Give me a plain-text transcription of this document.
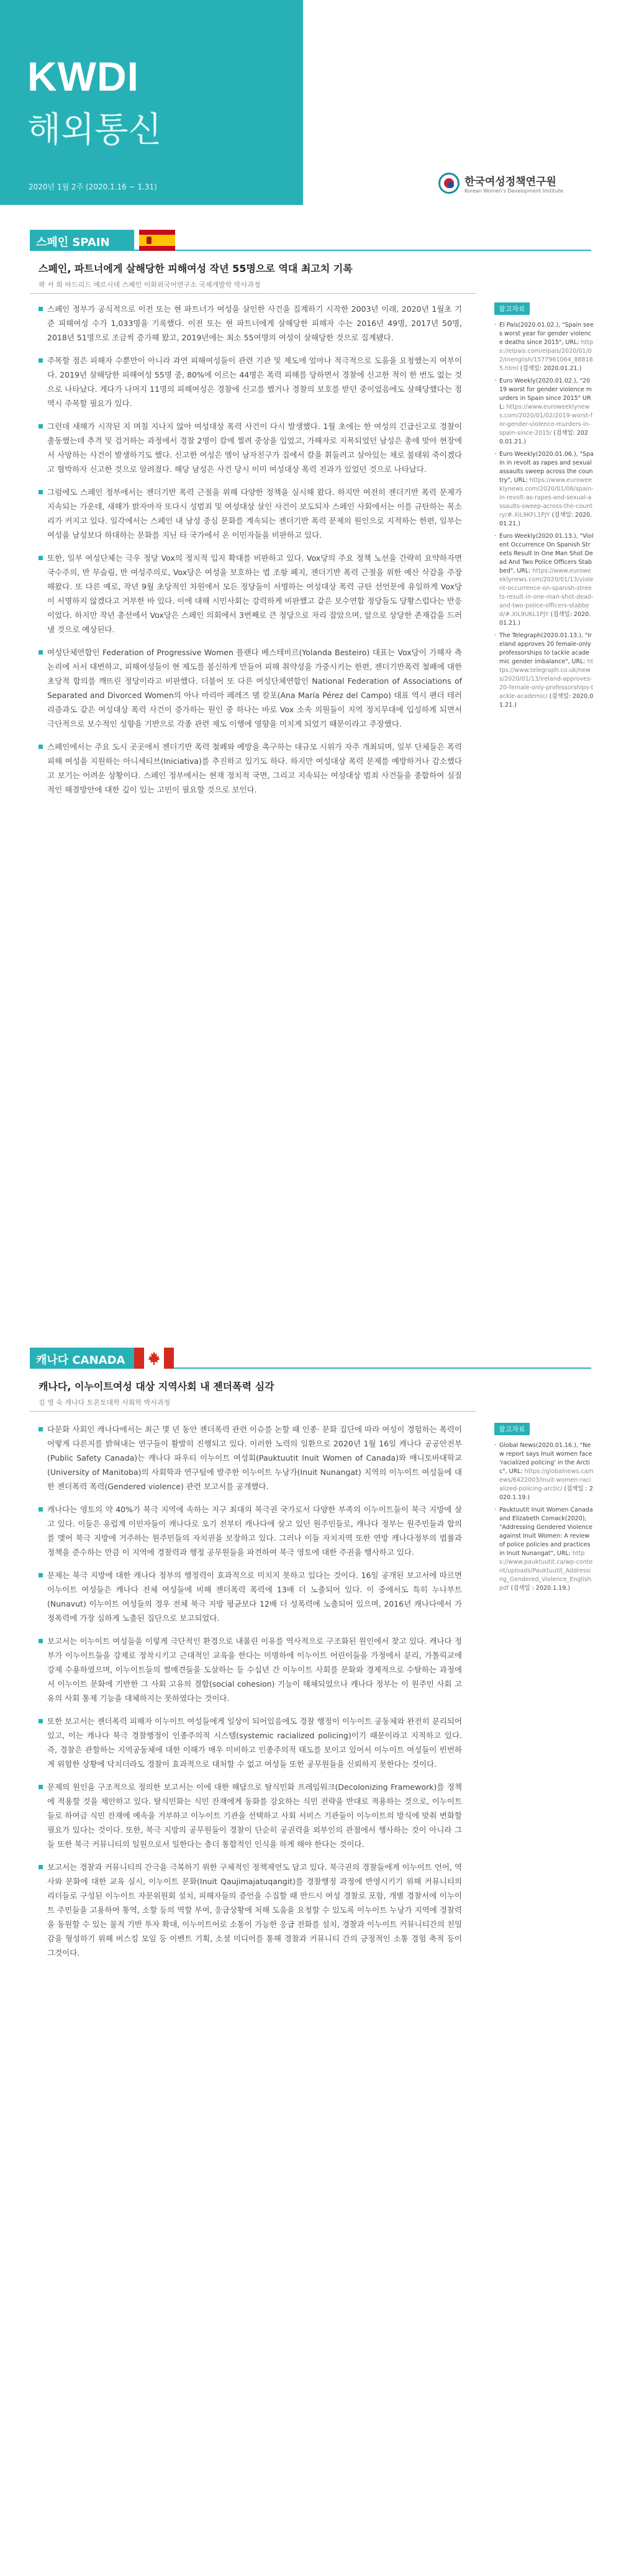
KWDI
해외통신
2020년 1월 2주 (2020.1.16 ~ 1.31)	한국여성정책연구원
Korean Women's Development Institute
스페인 SPAIN
스페인, 파트너에게 살해당한 피해여성 작년 55명으로 역대 최고치 기록
곽 서 희 마드리드 메르시데 스페인 이화외국어연구소 국제개발학 박사과정

스페인 정부가 공식적으로 이전 또는 현 파트너가 여성을 살인한 사건을 집계하기 시작한 2003년 이래, 2020년 1월초 기준 피해여성 수가 1,033명을 기록했다. 이전 또는 현 파트너에게 살해당한 피해자 수는 2016년 49명, 2017년 50명, 2018년 51명으로 조금씩 증가해 왔고, 2019년에는 최소 55여명의 여성이 살해당한 것으로 집계됐다.

주목할 점은 피해자 수뿐만이 아니라 과연 피해여성들이 관련 기관 및 제도에 얼마나 적극적으로 도움을 요청했는지 여부이다. 2019년 살해당한 피해여성 55명 중, 80%에 이르는 44명은 폭력 피해를 당하면서 경찰에 신고한 적이 한 번도 없는 것으로 나타났다. 게다가 나머지 11명의 피해여성은 경찰에 신고를 했거나 경찰의 보호를 받던 중이었음에도 살해당했다는 점 역시 주목할 필요가 있다.

그런데 새해가 시작된 지 며칠 지나지 않아 여성대상 폭력 사건이 다시 발생했다. 1월 초에는 한 여성의 긴급신고로 경찰이 출동했는데 추격 및 검거하는 과정에서 경찰 2명이 칼에 찔려 중상을 입었고, 가해자로 지목되었던 남성은 총에 맞아 현장에서 사망하는 사건이 발생하기도 했다. 신고한 여성은 엘이 남자친구가 집에서 칼을 휘둘려고 살아있는 채로 불태워 죽이겠다고 협박하자 신고한 것으로 알려졌다. 해당 남성은 사건 당시 이미 여성대상 폭력 전과가 있었던 것으로 나타났다.

그럼에도 스페인 정부에서는 젠더기반 폭력 근절을 위해 다양한 정책을 실시해 왔다. 하지만 여전히 젠더기반 폭력 문제가 지속되는 가운데, 새해가 밝자마자 또다시 성범죄 및 여성대상 살인 사건이 보도되자 스페인 사회에서는 이를 규탄하는 목소리가 커지고 있다. 일각에서는 스페인 내 남성 중심 문화를 계속되는 젠더기반 폭력 문제의 원인으로 지적하는 한편, 일부는 여성을 남성보다 하대하는 문화를 지닌 타 국가에서 온 이민자들을 비판하고 있다.

또한, 일부 여성단체는 극우 정당 Vox의 정치적 입지 확대를 비판하고 있다. Vox당의 주요 정책 노선을 간략히 요약하자면 국수주의, 반 무슬림, 반 여성주의로, Vox당은 여성을 보호하는 법 조항 폐지, 젠더기반 폭력 근절을 위한 예산 삭감을 주장해왔다. 또 다른 예로, 작년 9월 초당적인 차원에서 모든 정당들이 서명하는 여성대상 폭력 규탄 선언문에 유일하게 Vox당이 서명하지 않겠다고 거부한 바 있다. 이에 대해 시민사회는 강력하게 비판했고 같은 보수연합 정당들도 당황스럽다는 반응이었다. 하지만 작년 총선에서 Vox당은 스페인 의회에서 3번째로 큰 정당으로 자리 잡았으며, 앞으로 상당한 존재감을 드러낼 것으로 예상된다.

여성단체연합인 Federation of Progressive Women 플랜다 베스테비르(Yolanda Besteiro) 대표는 Vox당이 가해자 측 논리에 서서 대변하고, 피해여성들이 현 제도를 불신하게 만들어 피해 취약성을 가중시키는 한편, 젠더기반폭력 철폐에 대한 초당적 합의를 깨뜨린 정당이라고 비판했다. 더불어 또 다른 여성단체연합인 National Federation of Associations of Separated and Divorced Women의 아나 마리아 페레즈 델 칼포(Ana María Pérez del Campo) 대표 역시 팬더 테러리즘과도 같은 여성대상 폭력 사건이 증가하는 원인 중 하나는 바로 Vox 소속 의원들이 지역 정치무대에 입성하게 되면서 극단적으로 보수적인 성향을 기반으로 각종 관련 제도 이행에 영향을 미치게 되었기 때문이라고 주장했다.

스페인에서는 주요 도시 곳곳에서 젠더기반 폭력 철폐와 예방을 촉구하는 대규모 시위가 자주 개최되며, 일부 단체들은 폭력 피해 여성을 지원하는 아니세티브(Iniciativa)를 추진하고 있기도 하다. 하지만 여성대상 폭력 문제를 예방하거나 감소했다고 보기는 어려운 상황이다. 스페인 정부에서는 현재 정치적 국면, 그리고 지속되는 여성대상 범죄 사건들을 종합하여 실질적인 해결방안에 대한 깊이 있는 고민이 필요할 것으로 보인다.

참고자료
· El País(2020.01.02.), "Spain sees worst year for gender violence deaths since 2015", URL: https://elpais.com/elpais/2020/01/02/inenglish/1577961064_888185.html (검색일: 2020.01.21.)
· Euro Weekly(2020.01.02.), "2019 worst for gender violence murders in Spain since 2015" URL: https://www.euroweeklynews.com/2020/01/02/2019-worst-for-gender-violence-murders-in-spain-since-2015/ (검색일: 2020.01.21.)
· Euro Weekly(2020.01.06.), "Spain in revolt as rapes and sexual assaults sweep across the country", URL: https://www.euroweeklynews.com/2020/01/06/spain-in-revolt-as-rapes-and-sexual-assaults-sweep-across-the-country/#.XiL9KFL1PJY (검색일: 2020.01.21.)
· Euro Weekly(2020.01.13.), "Violent Occurrence On Spanish Streets Result In One Man Shot Dead And Two Police Officers Stabbed", URL: https://www.euroweeklynews.com/2020/01/13/violent-occurrence-on-spanish-streets-result-in-one-man-shot-dead-and-two-police-officers-stabbed/#.XiL9UKL1PJY (검색일: 2020.01.21.)
· The Telegraph(2020.01.13.), "Ireland approves 20 female-only professorships to tackle academic gender imbalance", URL: https://www.telegraph.co.uk/news/2020/01/13/ireland-approves-20-female-only-professorships-tackle-academic/ (검색일: 2020.01.21.)
캐나다 CANADA
캐나다, 이누이트여성 대상 지역사회 내 젠더폭력 심각
김 영 숙 캐나다 토론토대학 사회학 박사과정

다문화 사회인 캐나다에서는 최근 몇 년 동안 젠더폭력 관련 이슈를 논할 때 인종· 문화 집단에 따라 여성이 경험하는 폭력이 어떻게 다른지를 밝혀내는 연구들이 활발히 진행되고 있다. 이러한 노력의 일환으로 2020년 1월 16일 캐나다 공공안전부(Public Safety Canada)는 캐나다 파우티 이누이트 여성회(Pauktuutit Inuit Women of Canada)와 매니토바대학교(University of Manitoba)의 사회학과 연구팀에 발주한 이누이트 누낭가(Inuit Nunangat) 지역의 이누이트 여성들에 대한 젠더폭력 폭력(Gendered violence) 관련 보고서를 공개했다.

캐나다는 영토의 약 40%가 북극 지역에 속하는 지구 최대의 북극권 국가로서 다양한 부족의 이누이트들이 북극 지방에 살고 있다. 이들은 유럽계 이민자들이 캐나다로 오기 전부터 캐나다에 살고 있던 원주민들로, 캐나다 정부는 원주민들과 합의를 맺어 북극 지방에 거주하는 원주민들의 자치권을 보장하고 있다. 그러나 이들 자치지역 또한 연방 캐나다정부의 법률과 정책을 준수하는 만큼 이 지역에 경찰력과 행정 공무원들을 파견하여 북극 영토에 대한 주권을 행사하고 있다.

문제는 북극 지방에 대한 캐나다 정부의 행정력이 효과적으로 미치지 못하고 있다는 것이다. 16일 공개된 보고서에 따르면 이누이트 여성들은 캐나다 전체 여성들에 비해 젠더폭력 폭력에 13배 더 노출되어 있다. 이 중에서도 특히 누나부트(Nunavut) 이누이트 여성들의 경우 전체 북극 지방 평균보다 12배 더 성폭력에 노출되어 있으며, 2016년 캐나다에서 가정폭력에 가장 심하게 노출된 집단으로 보고되었다.

보고서는 이누이트 여성들을 이렇게 극단적인 환경으로 내몰린 이유를 역사적으로 구조화된 원인에서 찾고 있다. 캐나다 정부가 이누이트들을 강제로 정착시키고 근대적인 교육을 한다는 미명하에 이누이트 어린이들을 가정에서 분리, 가톨릭교에 강제 수용하였으며, 이누이트들의 썰매견들을 도살하는 등 수십년 간 이누이트 사회를 문화와 경제적으로 수탈하는 과정에서 이누이트 문화에 기반한 그 사회 고유의 결합(social cohesion) 기능이 해체되었으나 캐나다 정부는 이 원주민 사회 고유의 사회 통제 기능을 대체하지는 못하였다는 것이다.

또한 보고서는 젠더폭력 피해자 이누이트 여성들에게 일상이 되어있음에도 경찰 행정이 이누이트 공동체와 완전히 분리되어 있고, 이는 캐나다 북극 경찰행정이 인종주의적 시스템(systemic racialized policing)이기 때문이라고 지적하고 있다. 즉, 경찰은 관할하는 지역공동체에 대한 이해가 매우 미비하고 인종주의적 태도를 보이고 있어서 이누이트 여성들이 빈번하게 위험한 상황에 닥치더라도 경찰이 효과적으로 대처할 수 없고 여성들 또한 공무원들을 신뢰하지 못한다는 것이다.

문제의 원인을 구조적으로 정의한 보고서는 이에 대한 해답으로 탈식민화 프레임워크(Decolonizing Framework)를 정책에 적용할 것을 제안하고 있다. 탈식민화는 식민 잔재에게 동화를 강요하는 식민 전략을 반대로 적용하는 것으로, 이누이트들로 하여금 식민 잔재에 예속을 거부하고 이누이트 기관을 선택하고 사회 서비스 기관들이 이누이트의 방식에 맞춰 변화할 필요가 있다는 것이다. 또한, 북극 지방의 공무원들이 경찰이 단순히 공권력을 외부인의 관점에서 행사하는 것이 아니라 그들 또한 북극 커뮤니티의 일원으로서 일한다는 층더 통합적인 인식을 하게 해야 한다는 것이다.

보고서는 경찰과 커뮤니티의 간극을 극복하기 위한 구체적인 정책제언도 담고 있다. 북극권의 경찰들에게 이누이트 언어, 역사와 문화에 대한 교육 실시, 이누이트 문화(Inuit Qaujimajatuqangit)를 경찰행정 과정에 반영시키기 위해 커뮤니티의 리더들로 구성된 이누이트 자문위원회 설치, 피해자들의 증언을 수집할 때 반드시 여성 경찰로 포함, 개별 경찰서에 이누이트 주민들을 고용하여 통역, 소할 등의 역할 부여, 응급상황에 처해 도움을 요청할 수 있도록 이누이트 누낭가 지역에 경찰력을 동원할 수 있는 물적 기반 투자 확대, 이누이트어로 소통이 가능한 응급 전화를 설치, 경찰과 이누이트 커뮤니티간의 친밀감을 형성하기 위해 버스킹 모임 등 이벤트 기획, 소셜 미디어를 통해 경찰과 커뮤니티 간의 긍정적인 소통 경험 축적 등이 그것이다.

참고자료
· Global News(2020.01.16.), "New report says Inuit women face 'racialized policing' in the Arctic", URL: https://globalnews.ca/news/6422003/inuit-women-racialized-policing-arctic/ (검색일 : 2020.1.19.)
· Pauktuutit Inuit Women Canada and Elizabeth Comack(2020), "Addressing Gendered Violence against Inuit Women: A review of police policies and practices in Inuit Nunangat", URL: https://www.pauktuutit.ca/wp-content/uploads/Pauktuutit_Addressing_Gendered_Violence_English.pdf (검색일 : 2020.1.19.)
